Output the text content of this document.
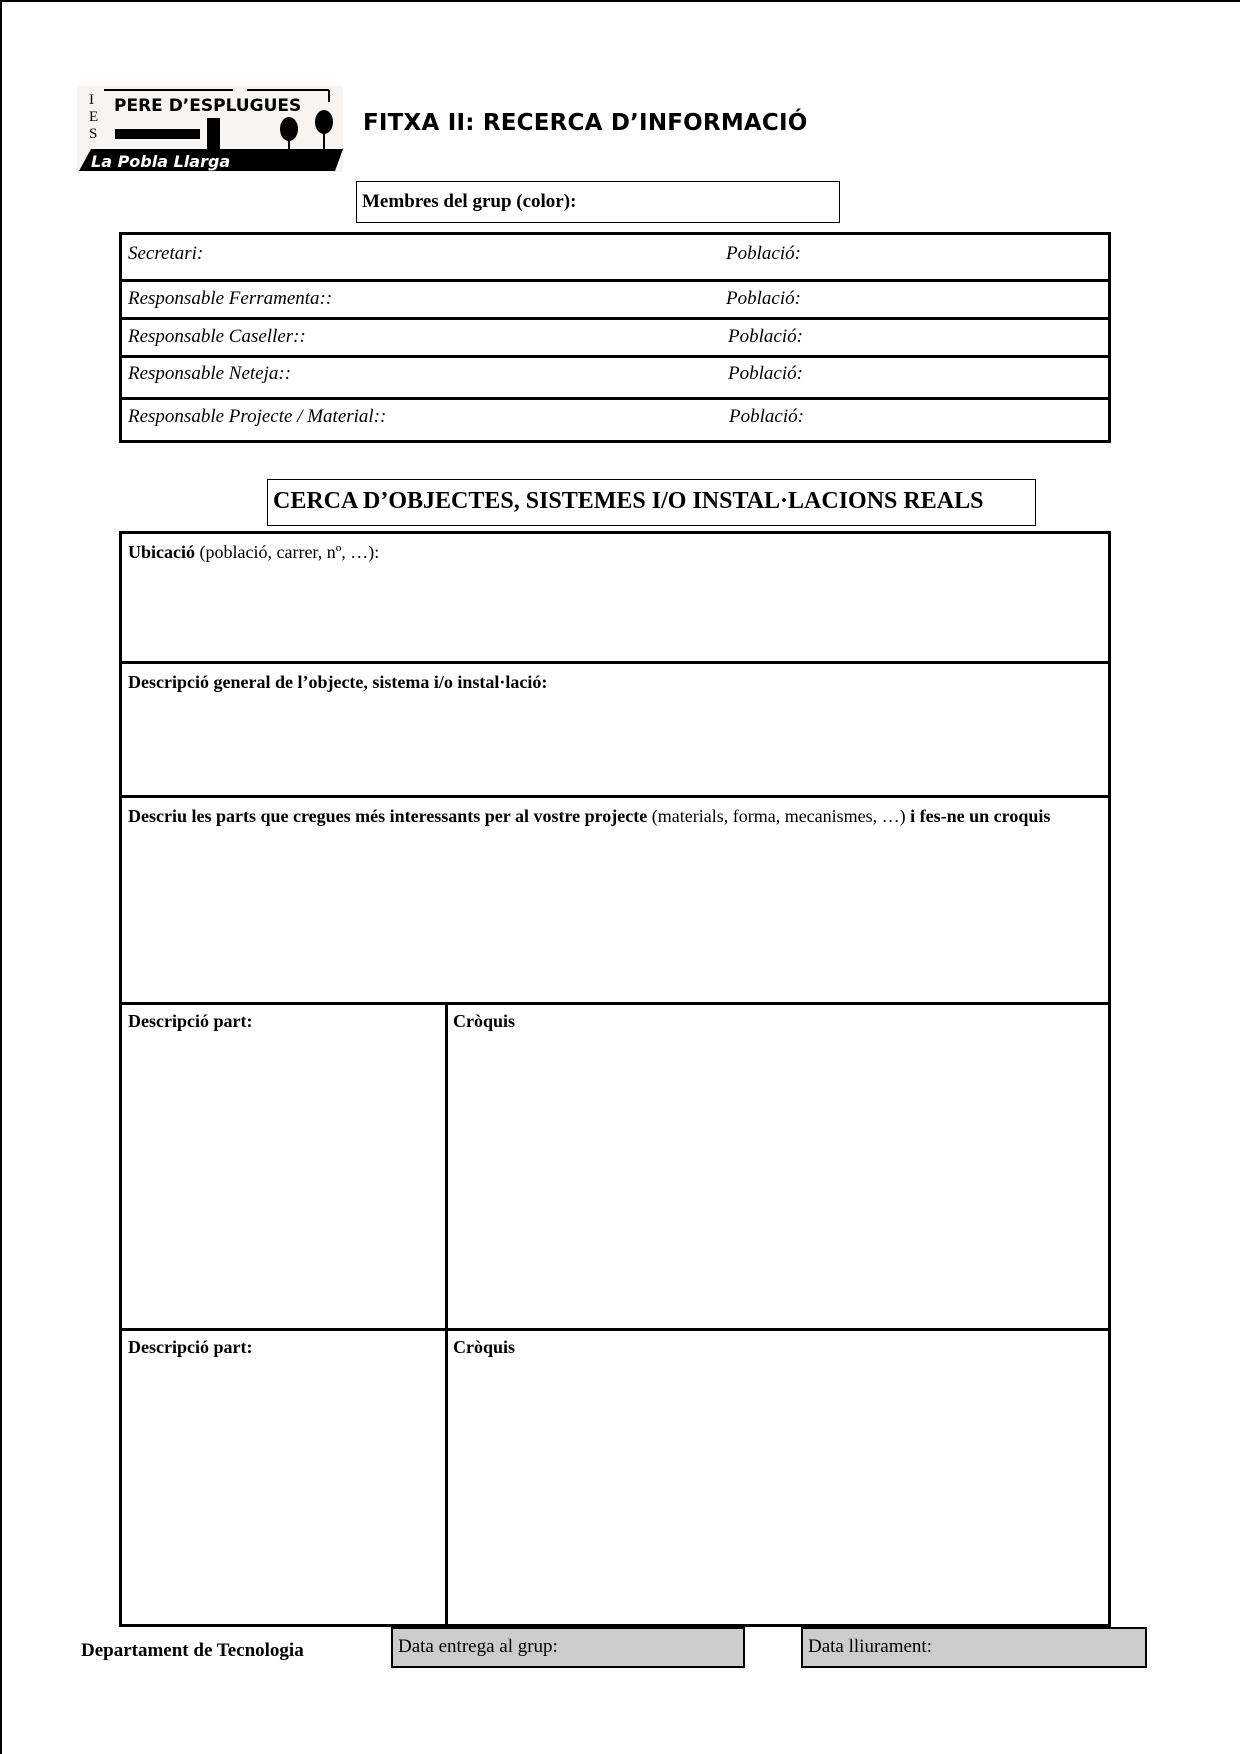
I
E
S
PERE D’ESPLUGUES
La Pobla Llarga
FITXA II: RECERCA D’INFORMACIÓ
Membres del grup (color):
Secretari:	Població:
Responsable Ferramenta::	Població:
Responsable Caseller::	Població:
Responsable Neteja::	Població:
Responsable Projecte / Material::	Població:
CERCA D’OBJECTES, SISTEMES I/O INSTAL·LACIONS REALS
Ubicació (població, carrer, nº, …):
Descripció general de l’objecte, sistema i/o instal·lació:
Descriu les parts que cregues més interessants per al vostre projecte (materials, forma, mecanismes, …) i fes-ne un croquis
Descripció part:	Cròquis
Descripció part:	Cròquis
Departament de Tecnologia	Data entrega al grup:	Data lliurament:
